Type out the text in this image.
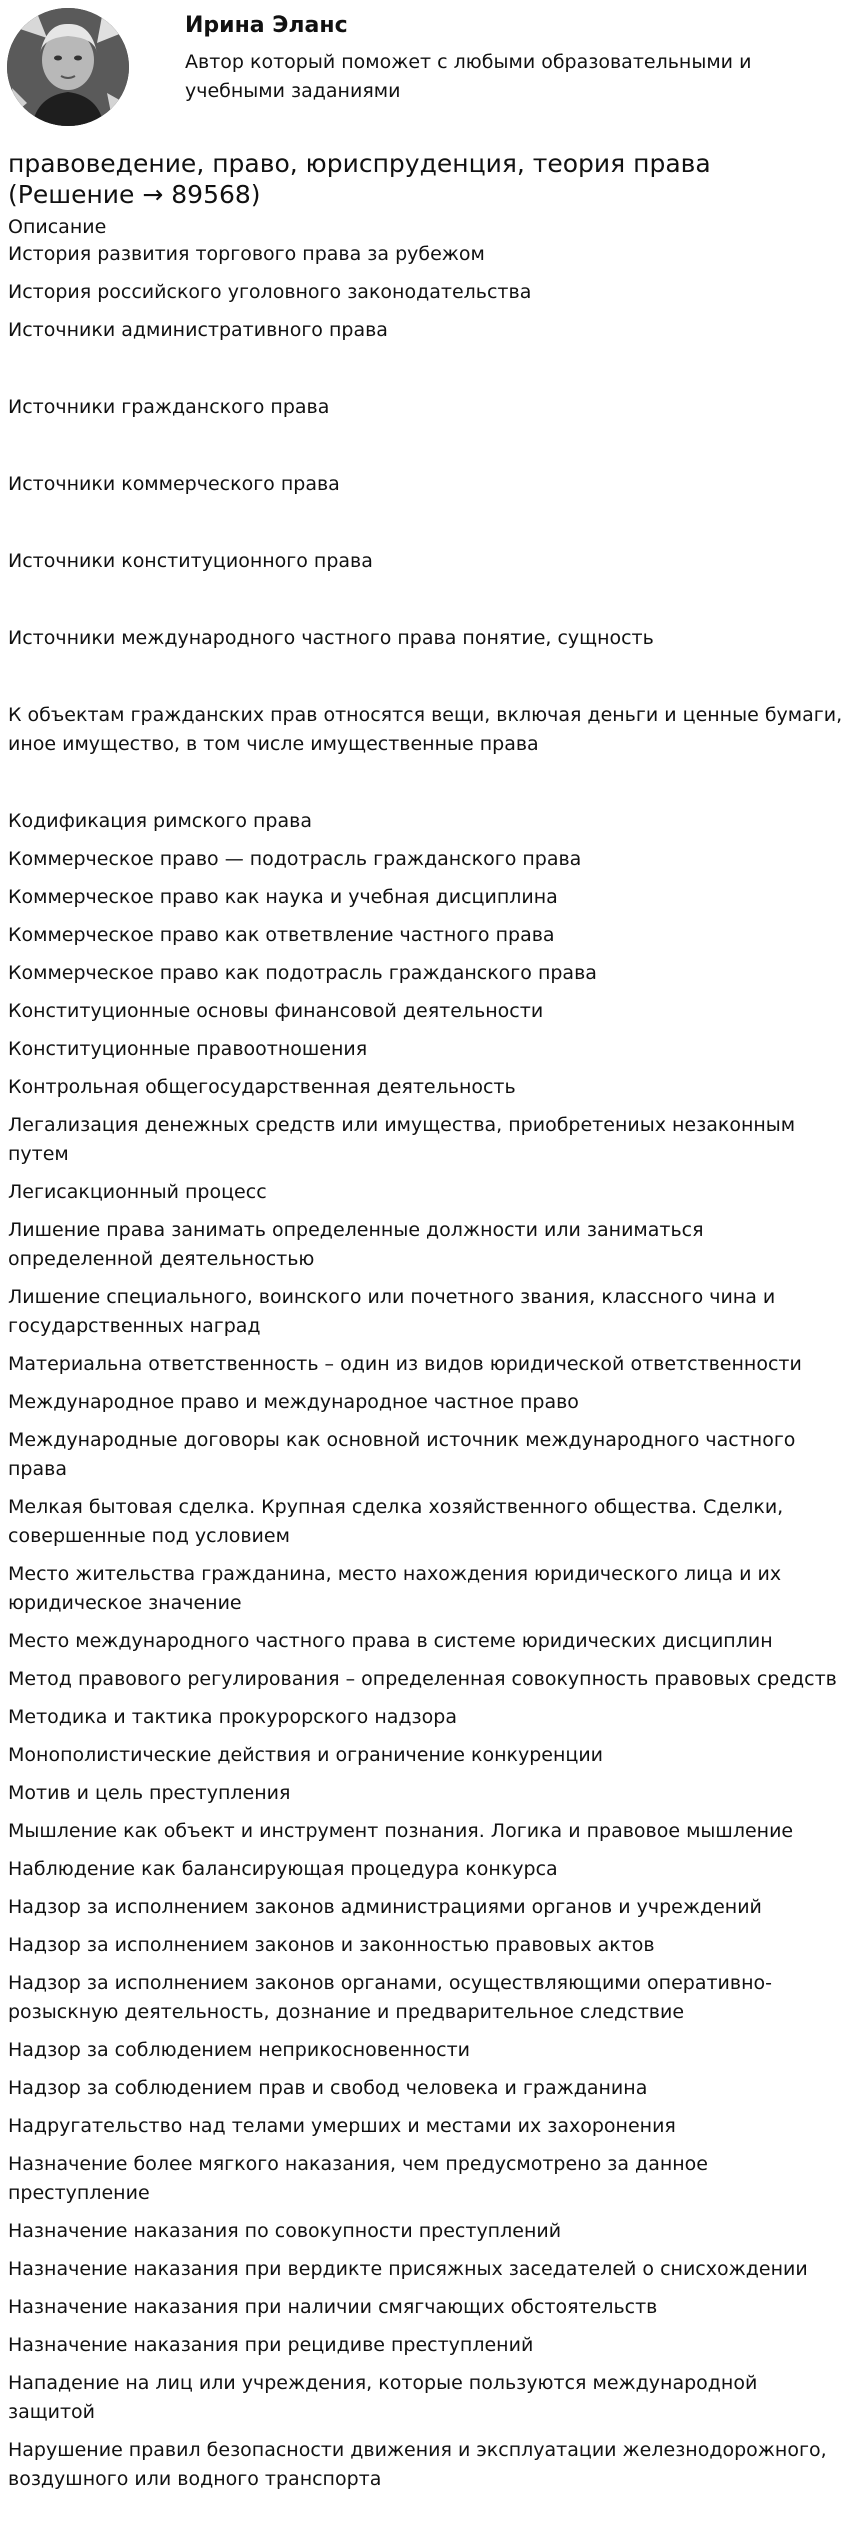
Ирина Эланс
Автор который поможет с любыми образовательными и учебными заданиями
правоведение, право, юриспруденция, теория права (Решение → 89568)
Описание
История развития торгового права за рубежом
История российского уголовного законодательства
Источники административного права
Источники гражданского права
Источники коммерческого права
Источники конституционного права
Источники международного частного права понятие, сущность
К объектам гражданских прав относятся вещи, включая деньги и ценные бумаги, иное имущество, в том числе имущественные права
Кодификация римского права
Коммерческое право — подотрасль гражданского права
Коммерческое право как наука и учебная дисциплина
Коммерческое право как ответвление частного права
Коммерческое право как подотрасль гражданского права
Конституционные основы финансовой деятельности
Конституционные правоотношения
Контрольная общегосударственная деятельность
Легализация денежных средств или имущества, приобретениых незаконным путем
Легисакционный процесс
Лишение права занимать определенные должности или заниматься определенной деятельностью
Лишение специального, воинского или почетного звания, классного чина и государственных наград
Материальна ответственность – один из видов юридической ответственности
Международное право и международное частное право
Международные договоры как основной источник международного частного права
Мелкая бытовая сделка. Крупная сделка хозяйственного общества. Сделки, совершенные под условием
Место жительства гражданина, место нахождения юридического лица и их юридическое значение
Место международного частного права в системе юридических дисциплин
Метод правового регулирования – определенная совокупность правовых средств
Методика и тактика прокурорского надзора
Монополистические действия и ограничение конкуренции
Мотив и цель преступления
Мышление как объект и инструмент познания. Логика и правовое мышление
Наблюдение как балансирующая процедура конкурса
Надзор за исполнением законов администрациями органов и учреждений
Надзор за исполнением законов и законностью правовых актов
Надзор за исполнением законов органами, осуществляющими оперативно-розыскную деятельность, дознание и предварительное следствие
Надзор за соблюдением неприкосновенности
Надзор за соблюдением прав и свобод человека и гражданина
Надругательство над телами умерших и местами их захоронения
Назначение более мягкого наказания, чем предусмотрено за данное преступление
Назначение наказания по совокупности преступлений
Назначение наказания при вердикте присяжных заседателей о снисхождении
Назначение наказания при наличии смягчающих обстоятельств
Назначение наказания при рецидиве преступлений
Нападение на лиц или учреждения, которые пользуются международной защитой
Нарушение правил безопасности движения и эксплуатации железнодорожного, воздушного или водного транспорта
